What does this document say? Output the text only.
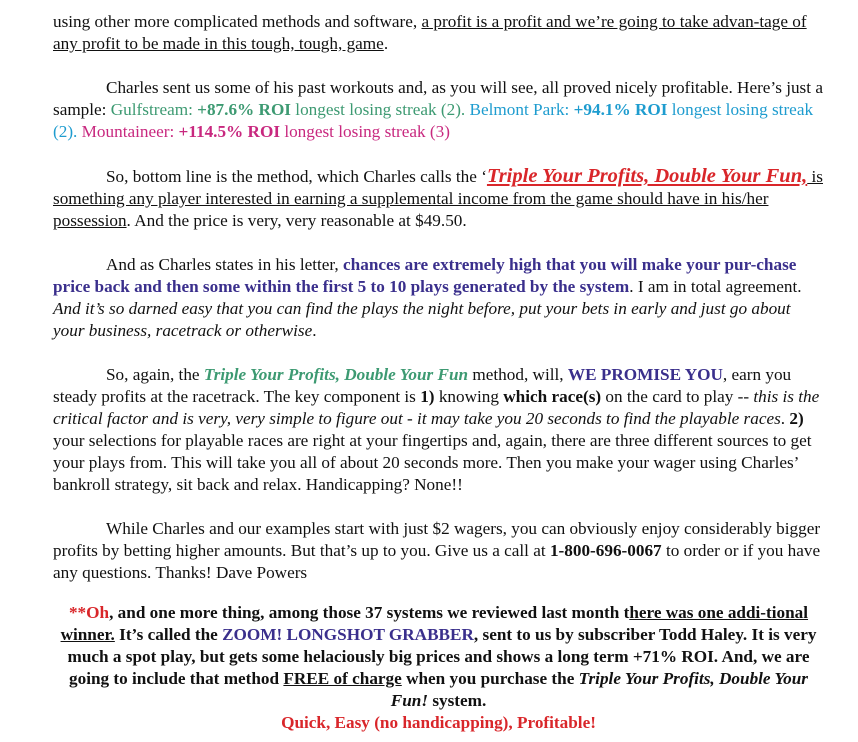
using other more complicated methods and software, a profit is a profit and we’re going to take advan-tage of any profit to be made in this tough, tough, game.

Charles sent us some of his past workouts and, as you will see, all proved nicely profitable. Here’s just a sample: Gulfstream: +87.6% ROI longest losing streak (2). Belmont Park: +94.1% ROI longest losing streak (2). Mountaineer: +114.5% ROI longest losing streak (3)

So, bottom line is the method, which Charles calls the ‘Triple Your Profits, Double Your Fun, is something any player interested in earning a supplemental income from the game should have in his/her possession. And the price is very, very reasonable at $49.50.

And as Charles states in his letter, chances are extremely high that you will make your pur-chase price back and then some within the first 5 to 10 plays generated by the system. I am in total agreement. And it’s so darned easy that you can find the plays the night before, put your bets in early and just go about your business, racetrack or otherwise.

So, again, the Triple Your Profits, Double Your Fun method, will, WE PROMISE YOU, earn you steady profits at the racetrack. The key component is 1) knowing which race(s) on the card to play -- this is the critical factor and is very, very simple to figure out - it may take you 20 seconds to find the playable races. 2) your selections for playable races are right at your fingertips and, again, there are three different sources to get your plays from. This will take you all of about 20 seconds more. Then you make your wager using Charles’ bankroll strategy, sit back and relax. Handicapping? None!!

While Charles and our examples start with just $2 wagers, you can obviously enjoy considerably bigger profits by betting higher amounts. But that’s up to you. Give us a call at 1-800-696-0067 to order or if you have any questions. Thanks! Dave Powers

**Oh, and one more thing, among those 37 systems we reviewed last month there was one addi-tional winner. It’s called the ZOOM! LONGSHOT GRABBER, sent to us by subscriber Todd Haley. It is very much a spot play, but gets some helaciously big prices and shows a long term +71% ROI. And, we are going to include that method FREE of charge when you purchase the Triple Your Profits, Double Your Fun! system.
Quick, Easy (no handicapping), Profitable!
